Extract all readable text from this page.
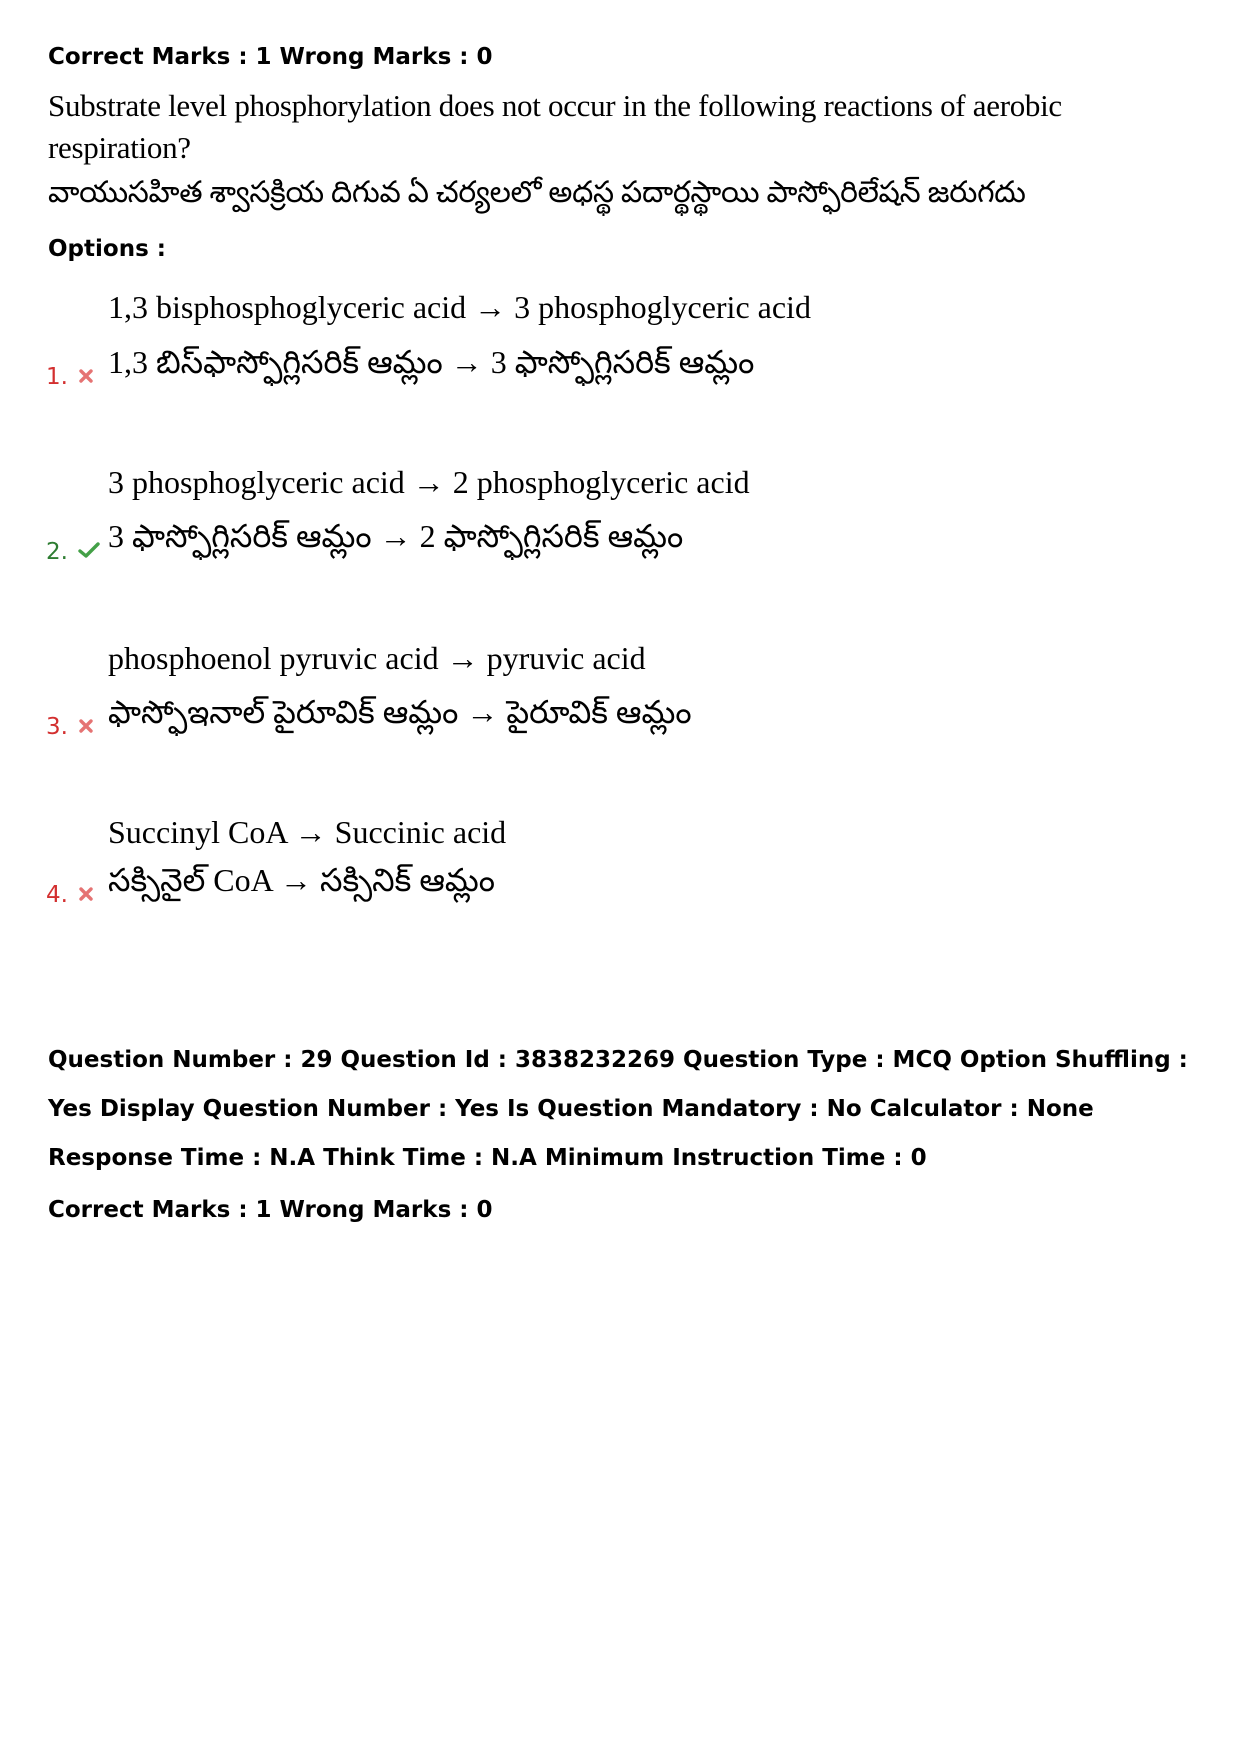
Correct Marks : 1 Wrong Marks : 0
Substrate level phosphorylation does not occur in the following reactions of aerobic
respiration?
వాయుసహిత శ్వాసక్రియ దిగువ ఏ చర్యలలో అధస్థ పదార్థస్థాయి పాస్ఫోరిలేషన్ జరుగదు
Options :
1,3 bisphosphoglyceric acid → 3 phosphoglyceric acid
1. 1,3 బిస్‌ఫాస్ఫోగ్లిసరిక్ ఆమ్లం → 3 ఫాస్ఫోగ్లిసరిక్ ఆమ్లం
3 phosphoglyceric acid → 2 phosphoglyceric acid
2. 3 ఫాస్ఫోగ్లిసరిక్ ఆమ్లం → 2 ఫాస్ఫోగ్లిసరిక్ ఆమ్లం
phosphoenol pyruvic acid → pyruvic acid
3. ఫాస్ఫోఇనాల్ పైరూవిక్ ఆమ్లం → పైరూవిక్ ఆమ్లం
Succinyl CoA → Succinic acid
4. సక్సినైల్ CoA → సక్సినిక్ ఆమ్లం
Question Number : 29 Question Id : 3838232269 Question Type : MCQ Option Shuffling : Yes Display Question Number : Yes Is Question Mandatory : No Calculator : None Response Time : N.A Think Time : N.A Minimum Instruction Time : 0
Correct Marks : 1 Wrong Marks : 0
